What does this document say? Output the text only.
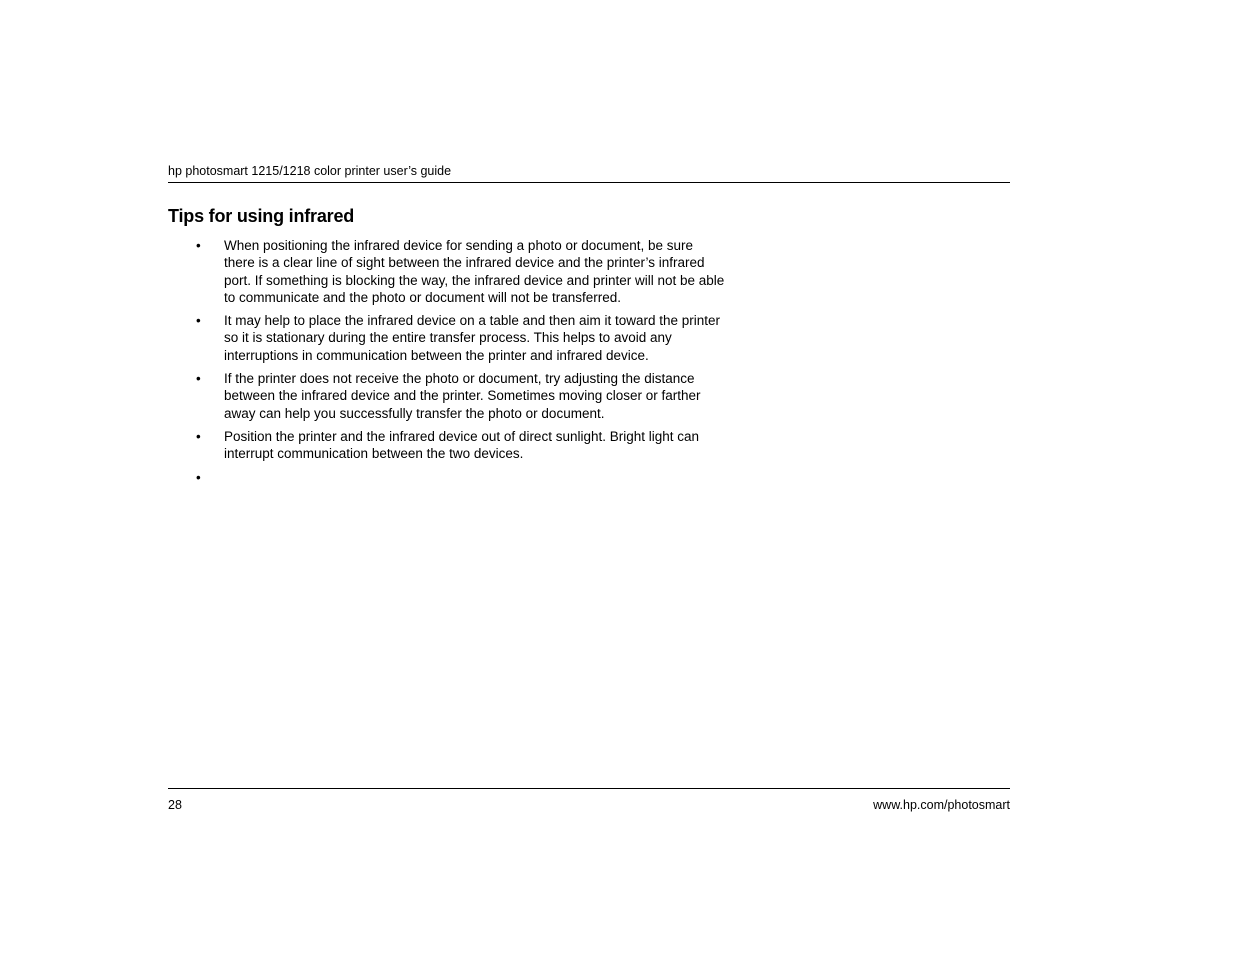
hp photosmart 1215/1218 color printer user’s guide
Tips for using infrared
•	When positioning the infrared device for sending a photo or document, be sure there is a clear line of sight between the infrared device and the printer’s infrared port. If something is blocking the way, the infrared device and printer will not be able to communicate and the photo or document will not be transferred.
•	It may help to place the infrared device on a table and then aim it toward the printer so it is stationary during the entire transfer process. This helps to avoid any interruptions in communication between the printer and infrared device.
•	If the printer does not receive the photo or document, try adjusting the distance between the infrared device and the printer. Sometimes moving closer or farther away can help you successfully transfer the photo or document.
•	Position the printer and the infrared device out of direct sunlight. Bright light can interrupt communication between the two devices.
•
28	www.hp.com/photosmart
